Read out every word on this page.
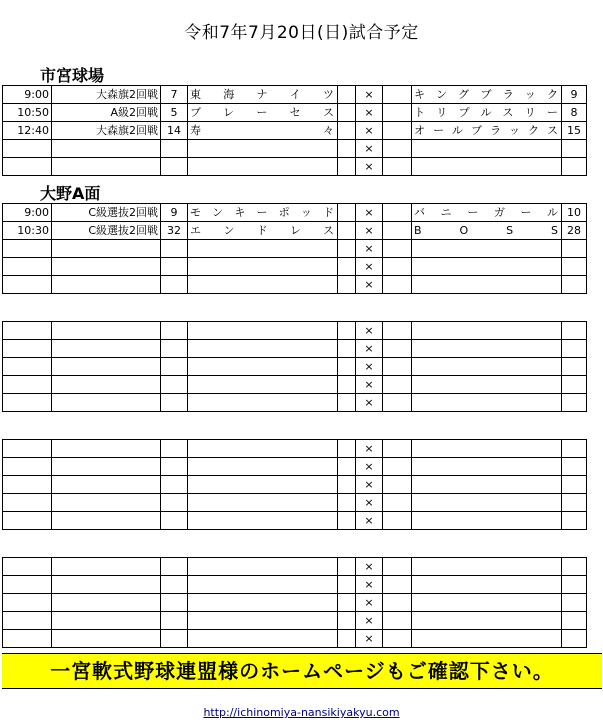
令和7年7月20日(日)試合予定
市宮球場
9:00	大森旗2回戦	7	東 海 ナ イ ツ		×		キングブラック	9
10:50	A級2回戦	5	ブレーセス		×		トリプルスリー	8
12:40	大森旗2回戦	14	寿 々		×		オールブラックス	15
					×			
					×			
大野A面
9:00	C級選抜2回戦	9	モンキーポッド		×		バニーガール	10
10:30	C級選抜2回戦	32	エンドレス		×		B O S S	28
					×			
					×			
					×			
					×			
					×			
					×			
					×			
					×			
					×			
					×			
					×			
					×			
					×			
					×			
					×			
					×			
					×			
					×			
一宮軟式野球連盟様のホームページもご確認下さい。
http://ichinomiya-nansikiyakyu.com
